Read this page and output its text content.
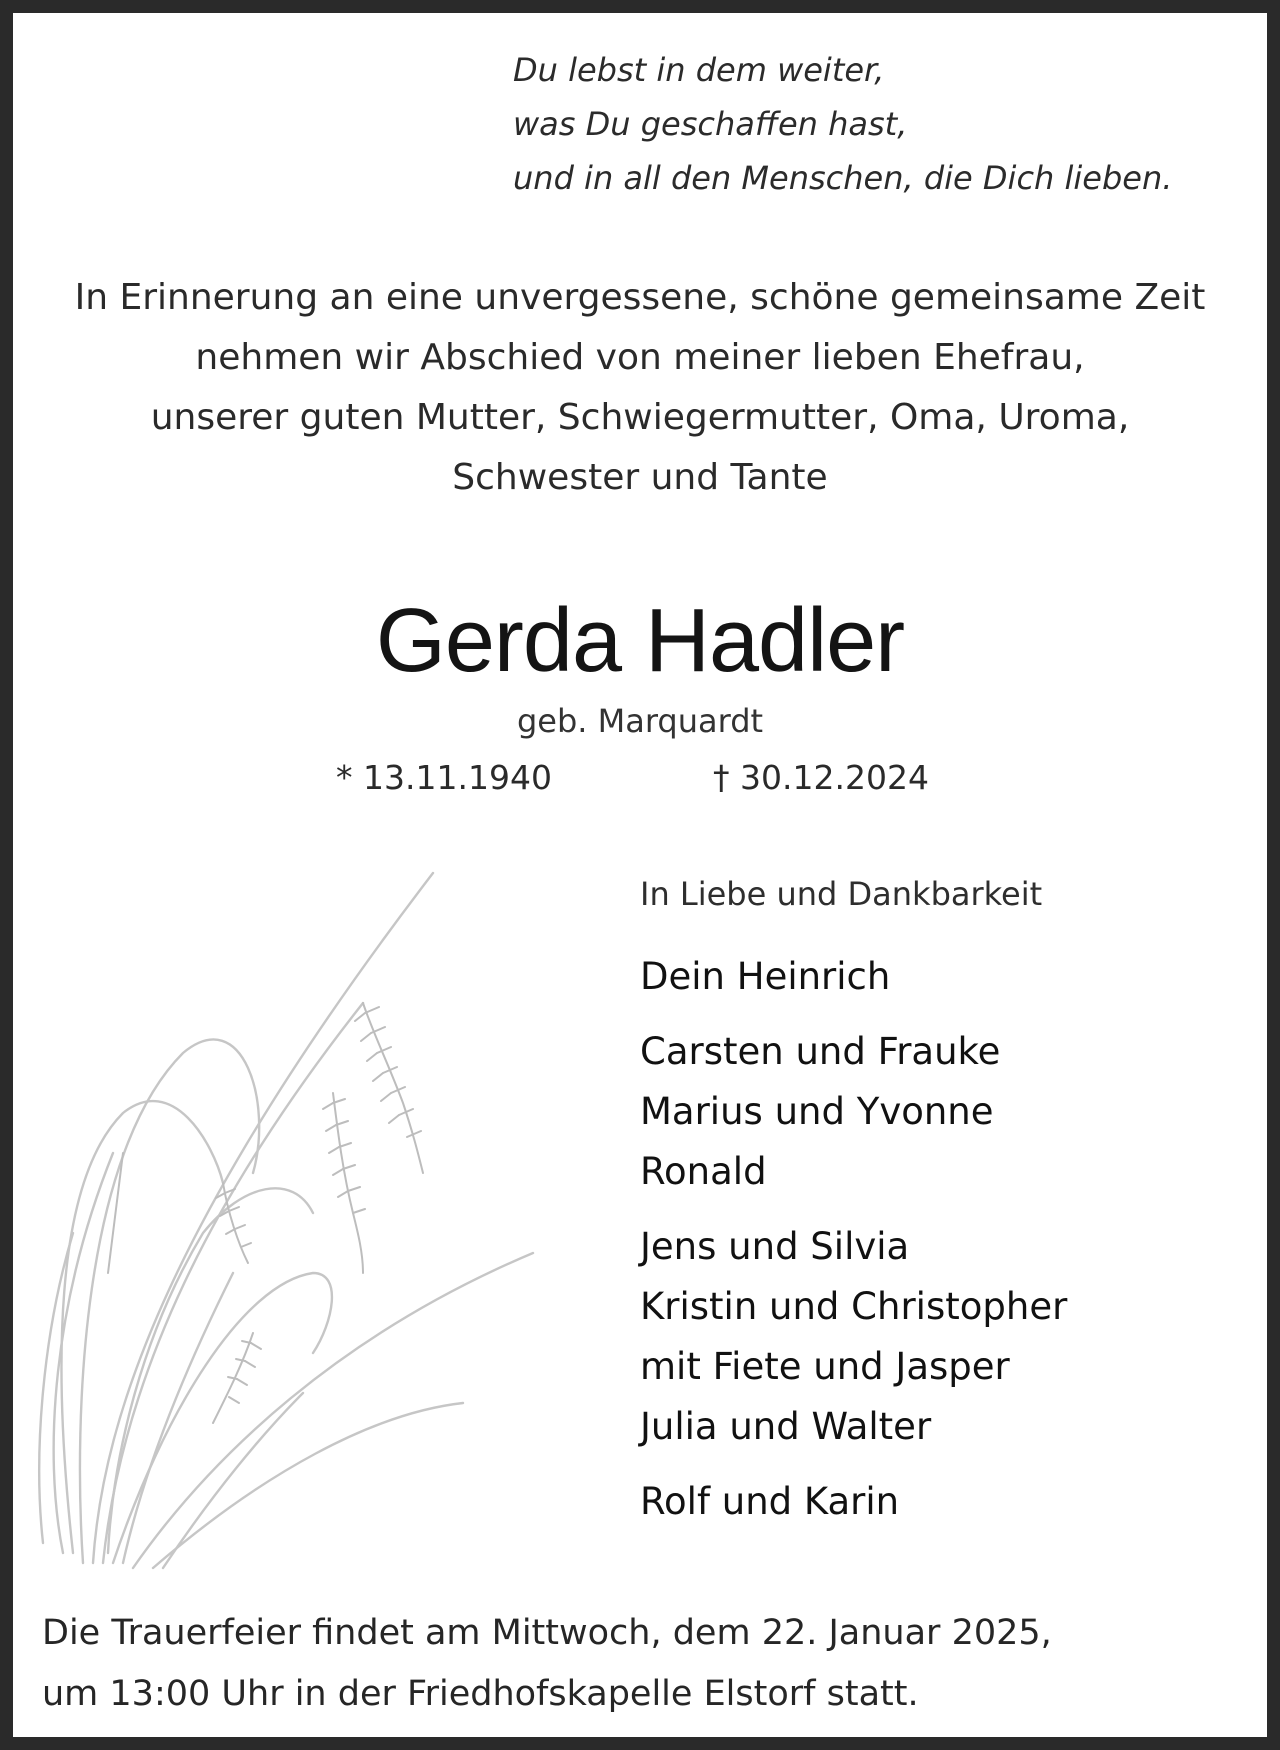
Du lebst in dem weiter,
was Du geschaffen hast,
und in all den Menschen, die Dich lieben.
In Erinnerung an eine unvergessene, schöne gemeinsame Zeit
nehmen wir Abschied von meiner lieben Ehefrau,
unserer guten Mutter, Schwiegermutter, Oma, Uroma,
Schwester und Tante
Gerda Hadler
geb. Marquardt
* 13.11.1940	† 30.12.2024
In Liebe und Dankbarkeit
Dein Heinrich
Carsten und Frauke
Marius und Yvonne
Ronald
Jens und Silvia
Kristin und Christopher
mit Fiete und Jasper
Julia und Walter
Rolf und Karin
Die Trauerfeier findet am Mittwoch, dem 22. Januar 2025,
um 13:00 Uhr in der Friedhofskapelle Elstorf statt.
